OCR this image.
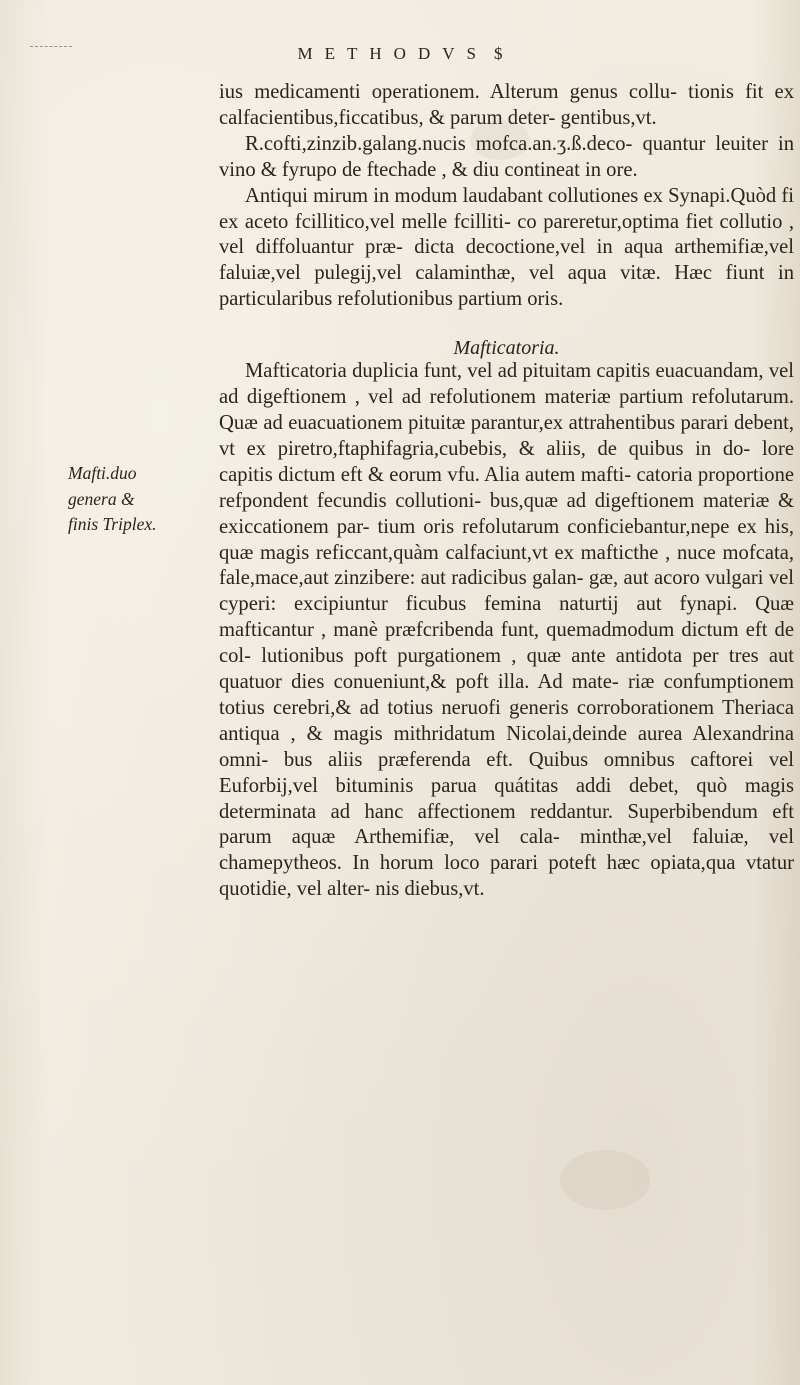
METHODVS $

ius medicamenti operationem. Alterum genus collu- tionis fit ex calfacientibus,ficcatibus, & parum deter- gentibus,vt.

R.cofti,zinzib.galang.nucis mofca.an.ʒ.ß.deco- quantur leuiter in vino & fyrupo de ftechade , & diu contineat in ore.

Antiqui mirum in modum laudabant collutiones ex Synapi.Quòd fi ex aceto fcillitico,vel melle fcilliti- co pareretur,optima fiet collutio , vel diffoluantur præ- dicta decoctione,vel in aqua arthemifiæ,vel faluiæ,vel pulegij,vel calaminthæ, vel aqua vitæ. Hæc fiunt in particularibus refolutionibus partium oris.

Mafticatoria.

Mafticatoria duplicia funt, vel ad pituitam capitis euacuandam, vel ad digeftionem , vel ad refolutionem materiæ partium refolutarum. Quæ ad euacuationem pituitæ parantur,ex attrahentibus parari debent, vt ex piretro,ftaphifagria,cubebis, & aliis, de quibus in do- lore capitis dictum eft & eorum vfu. Alia autem mafti- catoria proportione refpondent fecundis collutioni- bus,quæ ad digeftionem materiæ & exiccationem par- tium oris refolutarum conficiebantur,nepe ex his, quæ magis reficcant,quàm calfaciunt,vt ex mafticthe , nuce mofcata, fale,mace,aut zinzibere: aut radicibus galan- gæ, aut acoro vulgari vel cyperi: excipiuntur ficubus femina naturtij aut fynapi. Quæ mafticantur , manè præfcribenda funt, quemadmodum dictum eft de col- lutionibus poft purgationem , quæ ante antidota per tres aut quatuor dies conueniunt,& poft illa. Ad mate- riæ confumptionem totius cerebri,& ad totius neruofi generis corroborationem Theriaca antiqua , & magis mithridatum Nicolai,deinde aurea Alexandrina omni- bus aliis præferenda eft. Quibus omnibus caftorei vel Euforbij,vel bituminis parua quátitas addi debet, quò magis determinata ad hanc affectionem reddantur. Superbibendum eft parum aquæ Arthemifiæ, vel cala- minthæ,vel faluiæ, vel chamepytheos. In horum loco parari poteft hæc opiata,qua vtatur quotidie, vel alter- nis diebus,vt.

Mafti.duo
genera &
finis Triplex.
